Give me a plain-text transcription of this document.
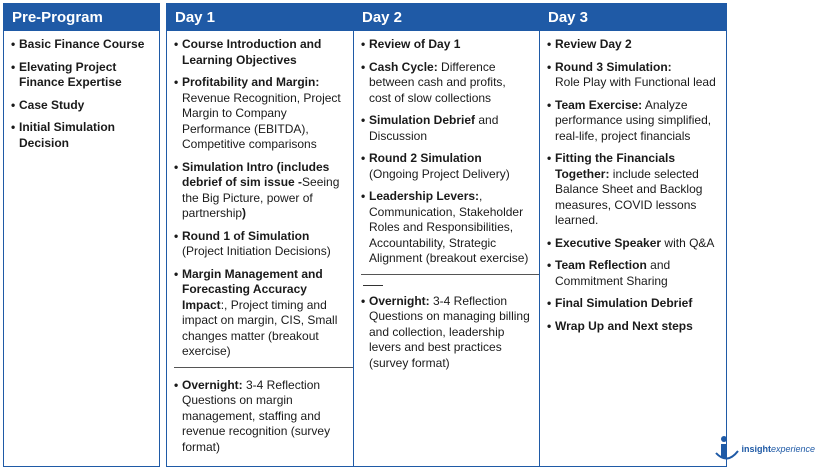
Pre-Program
• Basic Finance Course
• Elevating Project Finance Expertise
• Case Study
• Initial Simulation Decision
Day 1
• Course Introduction and Learning Objectives
• Profitability and Margin: Revenue Recognition, Project Margin to Company Performance (EBITDA), Competitive comparisons
• Simulation Intro (includes debrief of sim issue -Seeing the Big Picture, power of partnership)
• Round 1 of Simulation
(Project Initiation Decisions)
• Margin Management and Forecasting Accuracy Impact:, Project timing and impact on margin, CIS, Small changes matter (breakout exercise)
• Overnight: 3-4 Reflection Questions on margin management, staffing and revenue recognition (survey format)
Day 2
• Review of Day 1
• Cash Cycle: Difference between cash and profits, cost of slow collections
• Simulation Debrief and Discussion
• Round 2 Simulation
(Ongoing Project Delivery)
• Leadership Levers:, Communication, Stakeholder Roles and Responsibilities, Accountability, Strategic Alignment (breakout exercise)
• Overnight: 3-4 Reflection Questions on managing billing and collection, leadership levers and best practices (survey format)
Day 3
• Review Day 2
• Round 3 Simulation:
Role Play with Functional lead
• Team Exercise: Analyze performance using simplified, real-life, project financials
• Fitting the Financials Together: include selected Balance Sheet and Backlog measures, COVID lessons learned.
• Executive Speaker with Q&A
• Team Reflection and Commitment Sharing
• Final Simulation Debrief
• Wrap Up and Next steps
insightexperience
